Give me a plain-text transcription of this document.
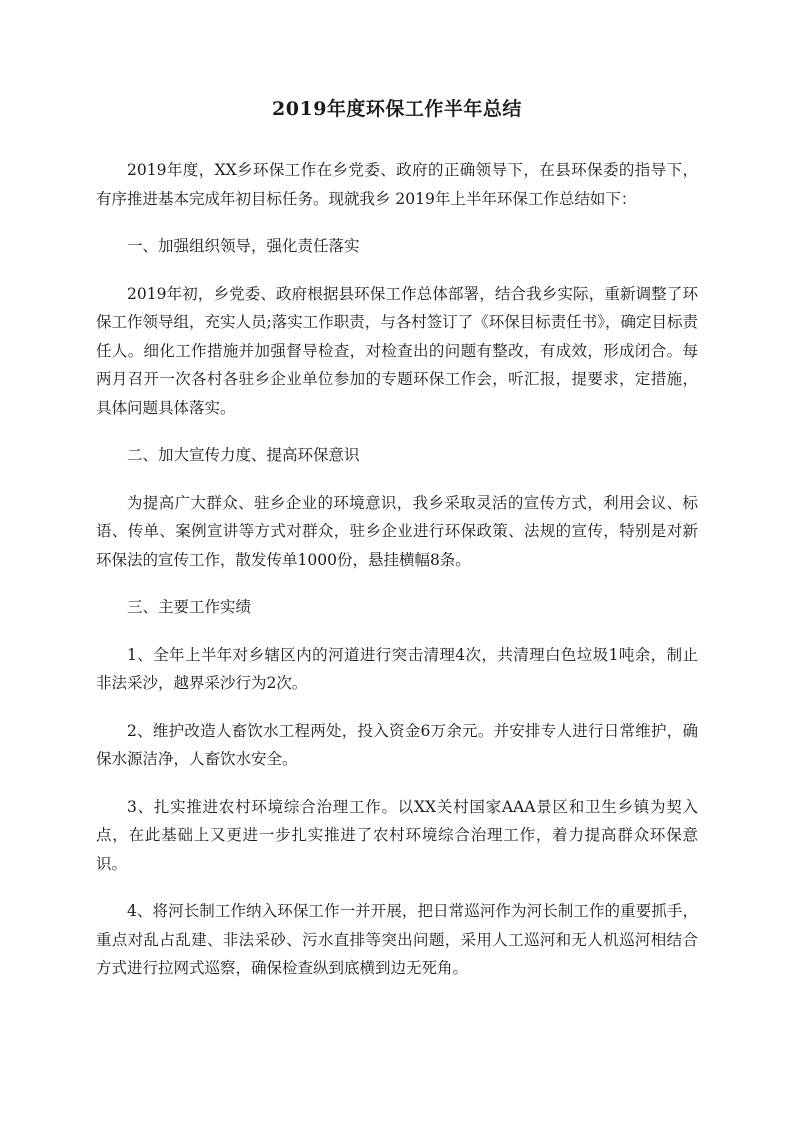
2019年度环保工作半年总结

2019年度，XX乡环保工作在乡党委、政府的正确领导下，在县环保委的指导下，有序推进基本完成年初目标任务。现就我乡 2019年上半年环保工作总结如下：

一、加强组织领导，强化责任落实

2019年初，乡党委、政府根据县环保工作总体部署，结合我乡实际，重新调整了环保工作领导组，充实人员;落实工作职责，与各村签订了《环保目标责任书》，确定目标责任人。细化工作措施并加强督导检查，对检查出的问题有整改，有成效，形成闭合。每两月召开一次各村各驻乡企业单位参加的专题环保工作会，听汇报，提要求，定措施，具体问题具体落实。

二、加大宣传力度、提高环保意识

为提高广大群众、驻乡企业的环境意识，我乡采取灵活的宣传方式，利用会议、标语、传单、案例宣讲等方式对群众，驻乡企业进行环保政策、法规的宣传，特别是对新环保法的宣传工作，散发传单1000份，悬挂横幅8条。

三、主要工作实绩

1、全年上半年对乡辖区内的河道进行突击清理4次，共清理白色垃圾1吨余，制止非法采沙，越界采沙行为2次。

2、维护改造人畜饮水工程两处，投入资金6万余元。并安排专人进行日常维护，确保水源洁净，人畜饮水安全。

3、扎实推进农村环境综合治理工作。以XX关村国家AAA景区和卫生乡镇为契入点，在此基础上又更进一步扎实推进了农村环境综合治理工作，着力提高群众环保意识。

4、将河长制工作纳入环保工作一并开展，把日常巡河作为河长制工作的重要抓手，重点对乱占乱建、非法采砂、污水直排等突出问题，采用人工巡河和无人机巡河相结合方式进行拉网式巡察，确保检查纵到底横到边无死角。
